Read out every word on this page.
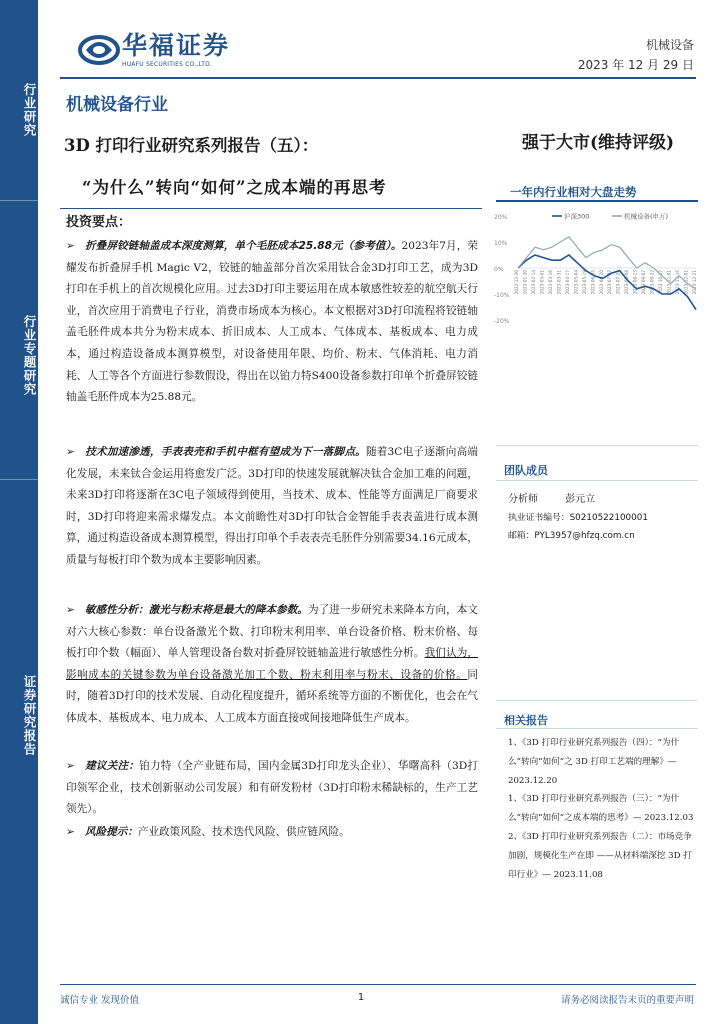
行业研究
行业专题研究
证券研究报告
华福证券
HUAFU SECURITIES CO.,LTD.
机械设备
2023 年 12 月 29 日
机械设备行业
3D 打印行业研究系列报告（五）：
“为什么”转向“如何”之成本端的再思考
强于大市(维持评级)
一年内行业相对大盘走势
20%
10%
0%
-10%
-20%
2022-12-30 2023-01-30 2023-02-14 2023-03-01 2023-03-16 2023-03-31 2023-04-17 2023-05-04 2023-05-19 2023-06-05 2023-06-20 2023-07-07 2023-07-24 2023-08-08 2023-08-23 2023-09-07 2023-09-22 2023-10-17 2023-11-01 2023-11-16 2023-12-01 2023-12-21
沪深300	机械设备(申万)
投资要点：
➢ 折叠屏铰链轴盖成本深度测算，单个毛胚成本25.88元（参考值）。2023年7月，荣耀发布折叠屏手机 Magic V2，铰链的轴盖部分首次采用钛合金3D打印工艺，成为3D打印在手机上的首次规模化应用。过去3D打印主要运用在成本敏感性较差的航空航天行业，首次应用于消费电子行业，消费市场成本为核心。本文根据对3D打印流程将铰链轴盖毛胚件成本共分为粉末成本、折旧成本、人工成本、气体成本、基板成本、电力成本，通过构造设备成本测算模型，对设备使用年限、均价、粉末、气体消耗、电力消耗、人工等各个方面进行参数假设，得出在以铂力特S400设备参数打印单个折叠屏铰链轴盖毛胚件成本为25.88元。
➢ 技术加速渗透，手表表壳和手机中框有望成为下一落脚点。随着3C电子逐渐向高端化发展，未来钛合金运用将愈发广泛。3D打印的快速发展就解决钛合金加工难的问题，未来3D打印将逐渐在3C电子领域得到使用，当技术、成本、性能等方面满足厂商要求时，3D打印将迎来需求爆发点。本文前瞻性对3D打印钛合金智能手表表盖进行成本测算，通过构造设备成本测算模型，得出打印单个手表表壳毛胚件分别需要34.16元成本，质量与每板打印个数为成本主要影响因素。
➢ 敏感性分析：激光与粉末将是最大的降本参数。为了进一步研究未来降本方向，本文对六大核心参数：单台设备激光个数、打印粉末利用率、单台设备价格、粉末价格、每板打印个数（幅面）、单人管理设备台数对折叠屏铰链轴盖进行敏感性分析。我们认为，影响成本的关键参数为单台设备激光加工个数、粉末利用率与粉末、设备的价格。同时，随着3D打印的技术发展、自动化程度提升，循环系统等方面的不断优化，也会在气体成本、基板成本、电力成本、人工成本方面直接或间接地降低生产成本。
➢ 建议关注：铂力特（全产业链布局，国内金属3D打印龙头企业）、华曙高科（3D打印领军企业，技术创新驱动公司发展）和有研发粉材（3D打印粉末稀缺标的，生产工艺领先）。
➢ 风险提示：产业政策风险、技术迭代风险、供应链风险。
团队成员
分析师	彭元立
执业证书编号：S0210522100001
邮箱：PYL3957@hfzq.com.cn
相关报告
1、《3D 打印行业研究系列报告（四）：“为什么”转向“如何”之 3D 打印工艺端的理解》— 2023.12.20
1、《3D 打印行业研究系列报告（三）：“为什么”转向“如何”之成本端的思考》— 2023.12.03
2、《3D 打印行业研究系列报告（二）：市场竞争加剧，规模化生产在即 ——从材料端深挖 3D 打印行业》— 2023.11.08
诚信专业 发现价值	1	请务必阅读报告末页的重要声明
